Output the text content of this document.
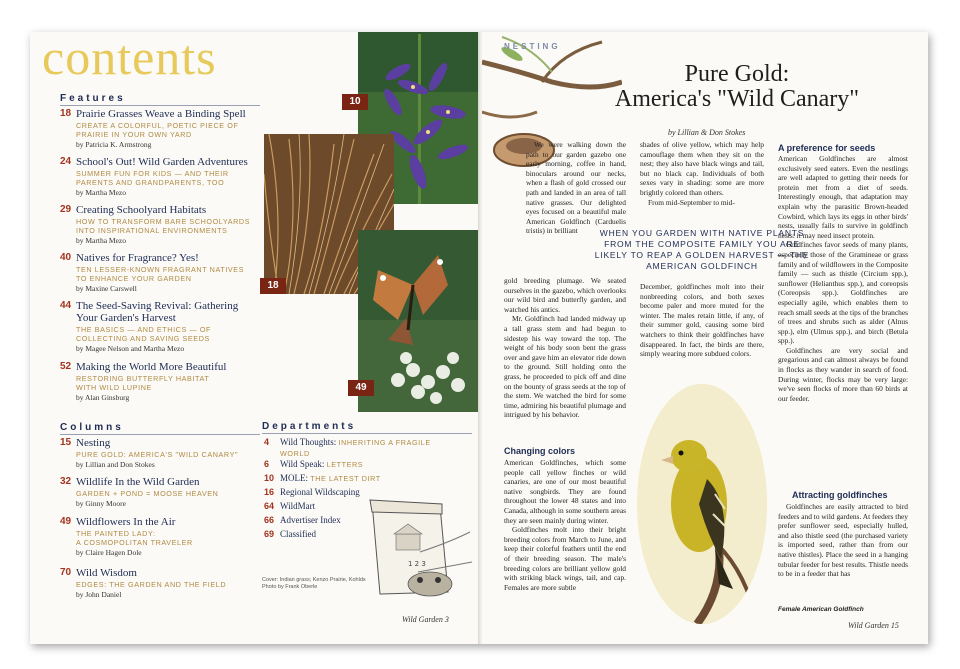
contents
10
18
49
Features
18 Prairie Grasses Weave a Binding Spell
CREATE A COLORFUL, POETIC PIECE OF
PRAIRIE IN YOUR OWN YARD
by Patricia K. Armstrong
24 School's Out! Wild Garden Adventures
SUMMER FUN FOR KIDS — AND THEIR
PARENTS AND GRANDPARENTS, TOO
by Martha Mezo
29 Creating Schoolyard Habitats
HOW TO TRANSFORM BARE SCHOOLYARDS
INTO INSPIRATIONAL ENVIRONMENTS
by Martha Mezo
40 Natives for Fragrance? Yes!
TEN LESSER-KNOWN FRAGRANT NATIVES
TO ENHANCE YOUR GARDEN
by Maxine Carswell
44 The Seed-Saving Revival: Gathering
Your Garden's Harvest
THE BASICS — AND ETHICS — OF
COLLECTING AND SAVING SEEDS
by Magee Nelson and Martha Mezo
52 Making the World More Beautiful
RESTORING BUTTERFLY HABITAT
WITH WILD LUPINE
by Alan Ginsburg
Columns
15 Nesting
PURE GOLD: AMERICA'S "WILD CANARY"
by Lillian and Don Stokes
32 Wildlife In the Wild Garden
GARDEN + POND = MOOSE HEAVEN
by Ginny Moore
49 Wildflowers In the Air
THE PAINTED LADY:
A COSMOPOLITAN TRAVELER
by Claire Hagen Dole
70 Wild Wisdom
EDGES: THE GARDEN AND THE FIELD
by John Daniel
Departments
4 Wild Thoughts: INHERITING A FRAGILE
WORLD
6 Wild Speak: LETTERS
10 MOLE: THE LATEST DIRT
16 Regional Wildscaping
64 WildMart
66 Advertiser Index
69 Classified
1 2 3
Cover: Indian grass; Kenzo Prairie, Kohlds
Photo by Frank Oberle
Wild Garden 3
NESTING
Pure Gold:
America's "Wild Canary"
by Lillian & Don Stokes

We were walking down the path to our garden gazebo one early morning, coffee in hand, binoculars around our necks, when a flash of gold crossed our path and landed in an area of tall native grasses. Our delighted eyes focused on a beautiful male American Goldfinch (Carduelis tristis) in brilliant

gold breeding plumage. We seated ourselves in the gazebo, which overlooks our wild bird and butterfly garden, and watched his antics.

Mr. Goldfinch had landed midway up a tall grass stem and had begun to sidestep his way toward the top. The weight of his body soon bent the grass over and gave him an elevator ride down to the ground. Still holding onto the grass, he proceeded to pick off and dine on the bounty of grass seeds at the top of the stem. We watched the bird for some time, admiring his beautiful plumage and intrigued by his behavior.

Changing colors

American Goldfinches, which some people call yellow finches or wild canaries, are one of our most beautiful native songbirds. They are found throughout the lower 48 states and into Canada, although in some southern areas they are seen mainly during winter.

Goldfinches molt into their bright breeding colors from March to June, and keep their colorful feathers until the end of their breeding season. The male's breeding colors are brilliant yellow gold with striking black wings, tail, and cap. Females are more subtle

shades of olive yellow, which may help camouflage them when they sit on the nest; they also have black wings and tail, but no black cap. Individuals of both sexes vary in shading: some are more brightly colored than others.

From mid-September to mid-

WHEN YOU GARDEN WITH NATIVE PLANTS FROM THE COMPOSITE FAMILY YOU ARE LIKELY TO REAP A GOLDEN HARVEST — THE AMERICAN GOLDFINCH

December, goldfinches molt into their nonbreeding colors, and both sexes become paler and more muted for the winter. The males retain little, if any, of their summer gold, causing some bird watchers to think their goldfinches have disappeared. In fact, the birds are there, simply wearing more subdued colors.

Female American Goldfinch
A preference for seeds

American Goldfinches are almost exclusively seed eaters. Even the nestlings are well adapted to getting their needs for protein met from a diet of seeds. Interestingly enough, that adaptation may explain why the parasitic Brown-headed Cowbird, which lays its eggs in other birds' nests, usually fails to survive in goldfinch nests: it may need insect protein.

Goldfinches favor seeds of many plants, especially those of the Gramineae or grass family and of wildflowers in the Composite family — such as thistle (Circium spp.), sunflower (Helianthus spp.), and coreopsis (Coreopsis spp.). Goldfinches are especially agile, which enables them to reach small seeds at the tips of the branches of trees and shrubs such as alder (Alnus spp.), elm (Ulmus spp.), and birch (Betula spp.).

Goldfinches are very social and gregarious and can almost always be found in flocks as they wander in search of food. During winter, flocks may be very large: we've seen flocks of more than 60 birds at our feeder.

Attracting goldfinches

Goldfinches are easily attracted to bird feeders and to wild gardens. At feeders they prefer sunflower seed, especially hulled, and also thistle seed (the purchased variety is imported seed, rather than from our native thistles). Place the seed in a hanging tubular feeder for best results. Thistle needs to be in a feeder that has

Wild Garden 15
